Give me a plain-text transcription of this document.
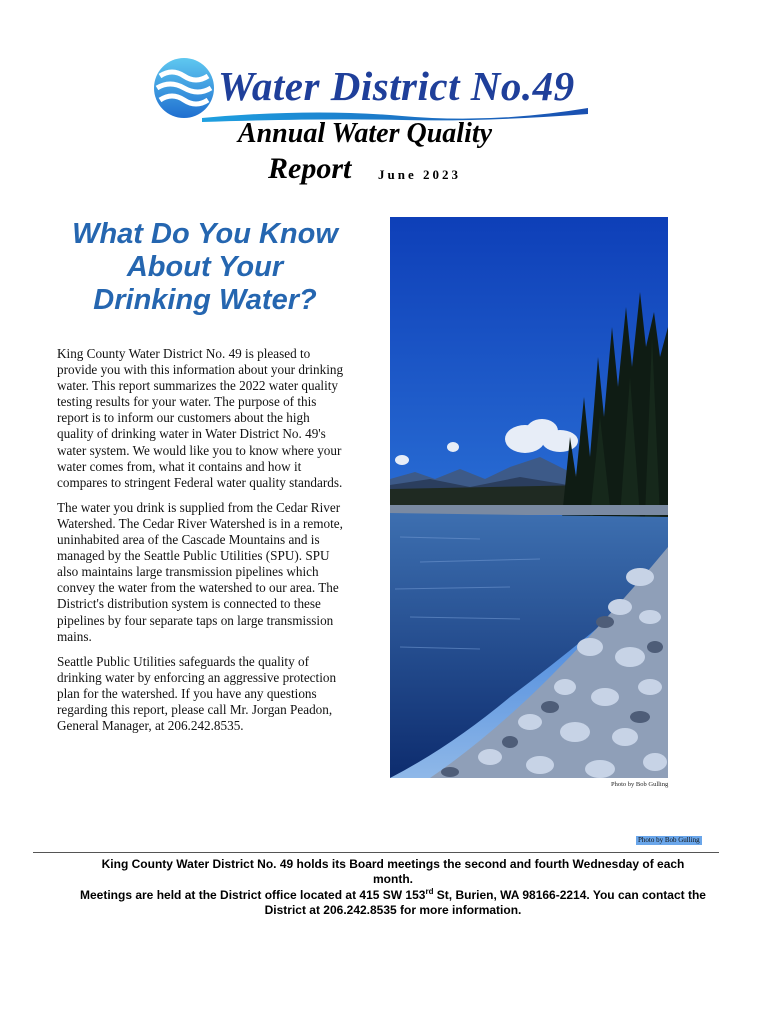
Water District No.49
Annual Water Quality
Report June 2023
What Do You Know
About Your
Drinking Water?

King County Water District No. 49 is pleased to provide you with this information about your drinking water. This report summarizes the 2022 water quality testing results for your water. The purpose of this report is to inform our customers about the high quality of drinking water in Water District No. 49's water system. We would like you to know where your water comes from, what it contains and how it compares to stringent Federal water quality standards.

The water you drink is supplied from the Cedar River Watershed. The Cedar River Watershed is in a remote, uninhabited area of the Cascade Mountains and is managed by the Seattle Public Utilities (SPU). SPU also maintains large transmission pipelines which convey the water from the watershed to our area. The District's distribution system is connected to these pipelines by four separate taps on large transmission mains.

Seattle Public Utilities safeguards the quality of drinking water by enforcing an aggressive protection plan for the watershed. If you have any questions regarding this report, please call Mr. Jorgan Peadon, General Manager, at 206.242.8535.

Photo by Bob Gulling
Photo by Bob Gulling
King County Water District No. 49 holds its Board meetings the second and fourth Wednesday of each month.
Meetings are held at the District office located at 415 SW 153rd St, Burien, WA 98166-2214. You can contact the
District at 206.242.8535 for more information.
